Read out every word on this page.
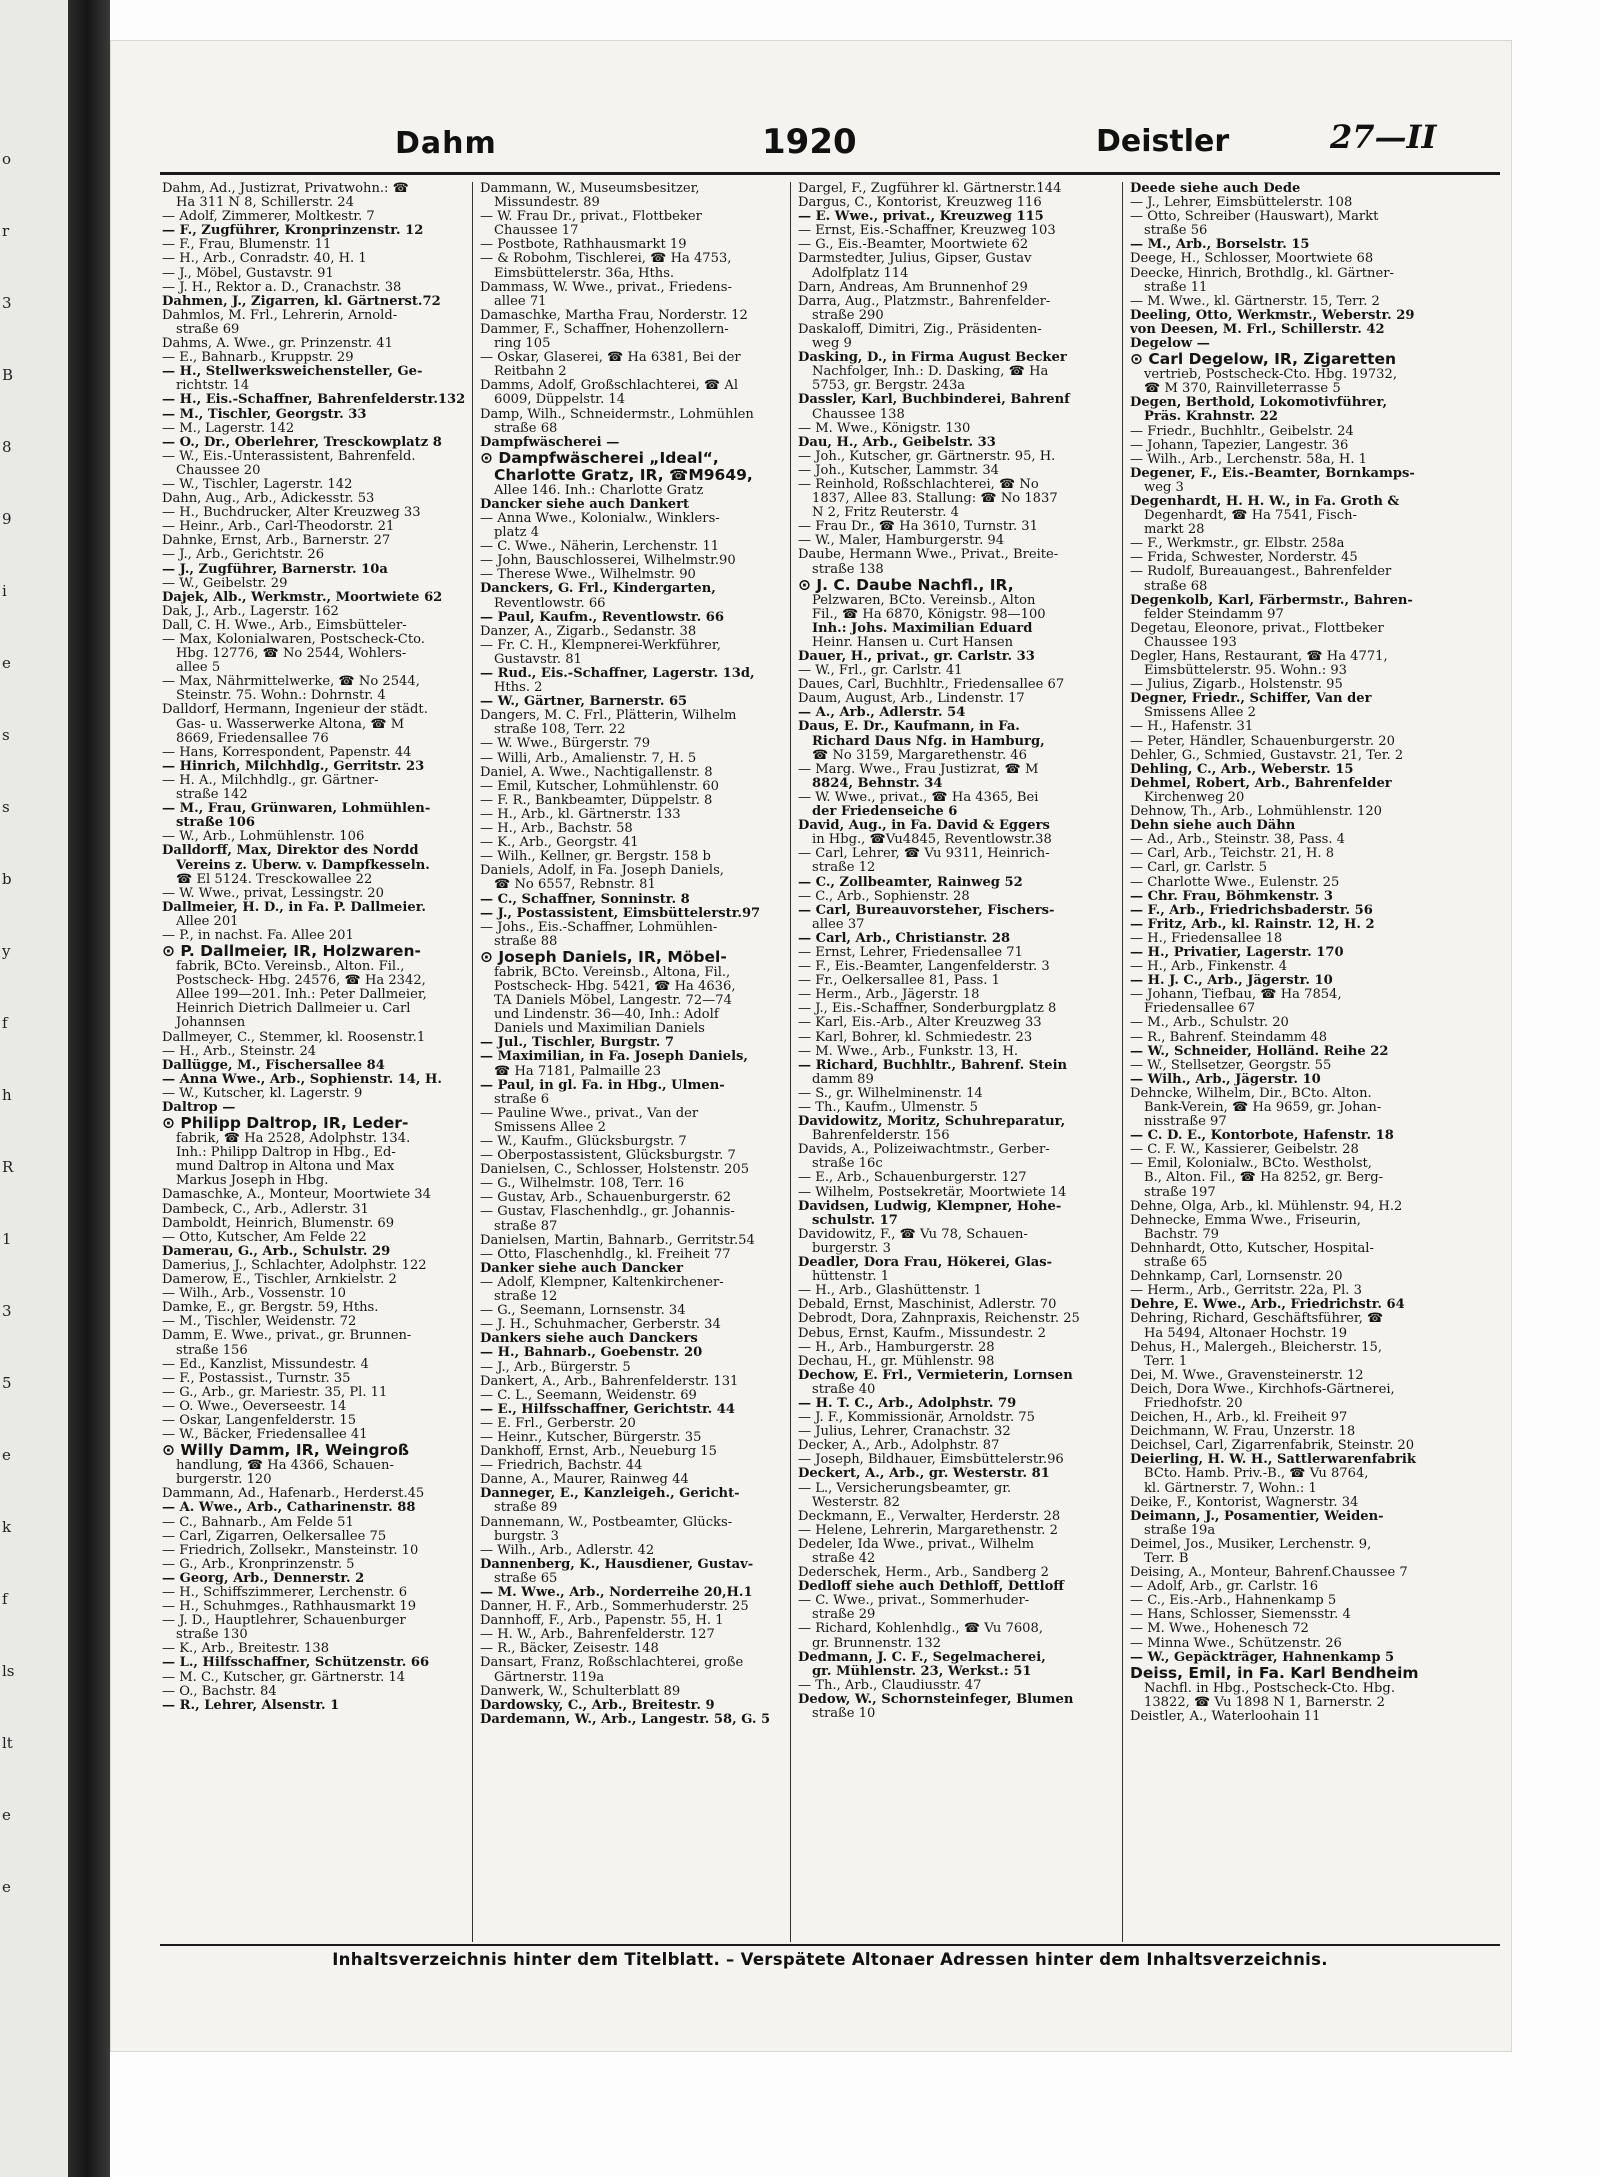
o
r
3
B
8
9
i
e
s
s
b
y
f
h
R
1
3
5
e
k
f
ls
lt
e
e
Dahm	1920	Deistler	27—II
Dahm, Ad., Justizrat, Privatwohn.: ☎
Ha 311 N 8, Schillerstr. 24
— Adolf, Zimmerer, Moltkestr. 7
— F., Zugführer, Kronprinzenstr. 12
— F., Frau, Blumenstr. 11
— H., Arb., Conradstr. 40, H. 1
— J., Möbel, Gustavstr. 91
— J. H., Rektor a. D., Cranachstr. 38
Dahmen, J., Zigarren, kl. Gärtnerst.72
Dahmlos, M. Frl., Lehrerin, Arnold-
straße 69
Dahms, A. Wwe., gr. Prinzenstr. 41
— E., Bahnarb., Kruppstr. 29
— H., Stellwerksweichensteller, Ge-
richtstr. 14
— H., Eis.-Schaffner, Bahrenfelderstr.132
— M., Tischler, Georgstr. 33
— M., Lagerstr. 142
— O., Dr., Oberlehrer, Tresckowplatz 8
— W., Eis.-Unterassistent, Bahrenfeld.
Chaussee 20
— W., Tischler, Lagerstr. 142
Dahn, Aug., Arb., Adickesstr. 53
— H., Buchdrucker, Alter Kreuzweg 33
— Heinr., Arb., Carl-Theodorstr. 21
Dahnke, Ernst, Arb., Barnerstr. 27
— J., Arb., Gerichtstr. 26
— J., Zugführer, Barnerstr. 10a
— W., Geibelstr. 29
Dajek, Alb., Werkmstr., Moortwiete 62
Dak, J., Arb., Lagerstr. 162
Dall, C. H. Wwe., Arb., Eimsbütteler-
— Max, Kolonialwaren, Postscheck-Cto.
Hbg. 12776, ☎ No 2544, Wohlers-
allee 5
— Max, Nährmittelwerke, ☎ No 2544,
Steinstr. 75. Wohn.: Dohrnstr. 4
Dalldorf, Hermann, Ingenieur der städt.
Gas- u. Wasserwerke Altona, ☎ M
8669, Friedensallee 76
— Hans, Korrespondent, Papenstr. 44
— Hinrich, Milchhdlg., Gerritstr. 23
— H. A., Milchhdlg., gr. Gärtner-
straße 142
— M., Frau, Grünwaren, Lohmühlen-
straße 106
— W., Arb., Lohmühlenstr. 106
Dalldorff, Max, Direktor des Nordd
Vereins z. Überw. v. Dampfkesseln.
☎ El 5124. Tresckowallee 22
— W. Wwe., privat, Lessingstr. 20
Dallmeier, H. D., in Fa. P. Dallmeier.
Allee 201
— P., in nachst. Fa. Allee 201
⊙ P. Dallmeier, IR, Holzwaren-
fabrik, BCto. Vereinsb., Alton. Fil.,
Postscheck- Hbg. 24576, ☎ Ha 2342,
Allee 199—201. Inh.: Peter Dallmeier,
Heinrich Dietrich Dallmeier u. Carl
Johannsen
Dallmeyer, C., Stemmer, kl. Roosenstr.1
— H., Arb., Steinstr. 24
Dallügge, M., Fischersallee 84
— Anna Wwe., Arb., Sophienstr. 14, H.
— W., Kutscher, kl. Lagerstr. 9
Daltrop —
⊙ Philipp Daltrop, IR, Leder-
fabrik, ☎ Ha 2528, Adolphstr. 134.
Inh.: Philipp Daltrop in Hbg., Ed-
mund Daltrop in Altona und Max
Markus Joseph in Hbg.
Damaschke, A., Monteur, Moortwiete 34
Dambeck, C., Arb., Adlerstr. 31
Damboldt, Heinrich, Blumenstr. 69
— Otto, Kutscher, Am Felde 22
Damerau, G., Arb., Schulstr. 29
Damerius, J., Schlachter, Adolphstr. 122
Damerow, E., Tischler, Arnkielstr. 2
— Wilh., Arb., Vossenstr. 10
Damke, E., gr. Bergstr. 59, Hths.
— M., Tischler, Weidenstr. 72
Damm, E. Wwe., privat., gr. Brunnen-
straße 156
— Ed., Kanzlist, Missundestr. 4
— F., Postassist., Turnstr. 35
— G., Arb., gr. Mariestr. 35, Pl. 11
— O. Wwe., Oeverseestr. 14
— Oskar, Langenfelderstr. 15
— W., Bäcker, Friedensallee 41
⊙ Willy Damm, IR, Weingroß
handlung, ☎ Ha 4366, Schauen-
burgerstr. 120
Dammann, Ad., Hafenarb., Herderst.45
— A. Wwe., Arb., Catharinenstr. 88
— C., Bahnarb., Am Felde 51
— Carl, Zigarren, Oelkersallee 75
— Friedrich, Zollsekr., Mansteinstr. 10
— G., Arb., Kronprinzenstr. 5
— Georg, Arb., Dennerstr. 2
— H., Schiffszimmerer, Lerchenstr. 6
— H., Schuhmges., Rathhausmarkt 19
— J. D., Hauptlehrer, Schauenburger
straße 130
— K., Arb., Breitestr. 138
— L., Hilfsschaffner, Schützenstr. 66
— M. C., Kutscher, gr. Gärtnerstr. 14
— O., Bachstr. 84
— R., Lehrer, Alsenstr. 1
Dammann, W., Museumsbesitzer,
Missundestr. 89
— W. Frau Dr., privat., Flottbeker
Chaussee 17
— Postbote, Rathhausmarkt 19
— & Robohm, Tischlerei, ☎ Ha 4753,
Eimsbüttelerstr. 36a, Hths.
Dammass, W. Wwe., privat., Friedens-
allee 71
Damaschke, Martha Frau, Norderstr. 12
Dammer, F., Schaffner, Hohenzollern-
ring 105
— Oskar, Glaserei, ☎ Ha 6381, Bei der
Reitbahn 2
Damms, Adolf, Großschlachterei, ☎ Al
6009, Düppelstr. 14
Damp, Wilh., Schneidermstr., Lohmühlen
straße 68
Dampfwäscherei —
⊙ Dampfwäscherei „Ideal“,
Charlotte Gratz, IR, ☎M9649,
Allee 146. Inh.: Charlotte Gratz
Dancker siehe auch Dankert
— Anna Wwe., Kolonialw., Winklers-
platz 4
— C. Wwe., Näherin, Lerchenstr. 11
— John, Bauschlosserei, Wilhelmstr.90
— Therese Wwe., Wilhelmstr. 90
Danckers, G. Frl., Kindergarten,
Reventlowstr. 66
— Paul, Kaufm., Reventlowstr. 66
Danzer, A., Zigarb., Sedanstr. 38
— Fr. C. H., Klempnerei-Werkführer,
Gustavstr. 81
— Rud., Eis.-Schaffner, Lagerstr. 13d,
Hths. 2
— W., Gärtner, Barnerstr. 65
Dangers, M. C. Frl., Plätterin, Wilhelm
straße 108, Terr. 22
— W. Wwe., Bürgerstr. 79
— Willi, Arb., Amalienstr. 7, H. 5
Daniel, A. Wwe., Nachtigallenstr. 8
— Emil, Kutscher, Lohmühlenstr. 60
— F. R., Bankbeamter, Düppelstr. 8
— H., Arb., kl. Gärtnerstr. 133
— H., Arb., Bachstr. 58
— K., Arb., Georgstr. 41
— Wilh., Kellner, gr. Bergstr. 158 b
Daniels, Adolf, in Fa. Joseph Daniels,
☎ No 6557, Rebnstr. 81
— C., Schaffner, Sonninstr. 8
— J., Postassistent, Eimsbüttelerstr.97
— Johs., Eis.-Schaffner, Lohmühlen-
straße 88
⊙ Joseph Daniels, IR, Möbel-
fabrik, BCto. Vereinsb., Altona, Fil.,
Postscheck- Hbg. 5421, ☎ Ha 4636,
TA Daniels Möbel, Langestr. 72—74
und Lindenstr. 36—40, Inh.: Adolf
Daniels und Maximilian Daniels
— Jul., Tischler, Burgstr. 7
— Maximilian, in Fa. Joseph Daniels,
☎ Ha 7181, Palmaille 23
— Paul, in gl. Fa. in Hbg., Ulmen-
straße 6
— Pauline Wwe., privat., Van der
Smissens Allee 2
— W., Kaufm., Glücksburgstr. 7
— Oberpostassistent, Glücksburgstr. 7
Danielsen, C., Schlosser, Holstenstr. 205
— G., Wilhelmstr. 108, Terr. 16
— Gustav, Arb., Schauenburgerstr. 62
— Gustav, Flaschenhdlg., gr. Johannis-
straße 87
Danielsen, Martin, Bahnarb., Gerritstr.54
— Otto, Flaschenhdlg., kl. Freiheit 77
Danker siehe auch Dancker
— Adolf, Klempner, Kaltenkirchener-
straße 12
— G., Seemann, Lornsenstr. 34
— J. H., Schuhmacher, Gerberstr. 34
Dankers siehe auch Danckers
— H., Bahnarb., Goebenstr. 20
— J., Arb., Bürgerstr. 5
Dankert, A., Arb., Bahrenfelderstr. 131
— C. L., Seemann, Weidenstr. 69
— E., Hilfsschaffner, Gerichtstr. 44
— E. Frl., Gerberstr. 20
— Heinr., Kutscher, Bürgerstr. 35
Dankhoff, Ernst, Arb., Neueburg 15
— Friedrich, Bachstr. 44
Danne, A., Maurer, Rainweg 44
Danneger, E., Kanzleigeh., Gericht-
straße 89
Dannemann, W., Postbeamter, Glücks-
burgstr. 3
— Wilh., Arb., Adlerstr. 42
Dannenberg, K., Hausdiener, Gustav-
straße 65
— M. Wwe., Arb., Norderreihe 20,H.1
Danner, H. F., Arb., Sommerhuderstr. 25
Dannhoff, F., Arb., Papenstr. 55, H. 1
— H. W., Arb., Bahrenfelderstr. 127
— R., Bäcker, Zeisestr. 148
Dansart, Franz, Roßschlachterei, große
Gärtnerstr. 119a
Danwerk, W., Schulterblatt 89
Dardowsky, C., Arb., Breitestr. 9
Dardemann, W., Arb., Langestr. 58, G. 5
Dargel, F., Zugführer kl. Gärtnerstr.144
Dargus, C., Kontorist, Kreuzweg 116
— E. Wwe., privat., Kreuzweg 115
— Ernst, Eis.-Schaffner, Kreuzweg 103
— G., Eis.-Beamter, Moortwiete 62
Darmstedter, Julius, Gipser, Gustav
Adolfplatz 114
Darn, Andreas, Am Brunnenhof 29
Darra, Aug., Platzmstr., Bahrenfelder-
straße 290
Daskaloff, Dimitri, Zig., Präsidenten-
weg 9
Dasking, D., in Firma August Becker
Nachfolger, Inh.: D. Dasking, ☎ Ha
5753, gr. Bergstr. 243a
Dassler, Karl, Buchbinderei, Bahrenf
Chaussee 138
— M. Wwe., Königstr. 130
Dau, H., Arb., Geibelstr. 33
— Joh., Kutscher, gr. Gärtnerstr. 95, H.
— Joh., Kutscher, Lammstr. 34
— Reinhold, Roßschlachterei, ☎ No
1837, Allee 83. Stallung: ☎ No 1837
N 2, Fritz Reuterstr. 4
— Frau Dr., ☎ Ha 3610, Turnstr. 31
— W., Maler, Hamburgerstr. 94
Daube, Hermann Wwe., Privat., Breite-
straße 138
⊙ J. C. Daube Nachfl., IR,
Pelzwaren, BCto. Vereinsb., Alton
Fil., ☎ Ha 6870, Königstr. 98—100
Inh.: Johs. Maximilian Eduard
Heinr. Hansen u. Curt Hansen
Dauer, H., privat., gr. Carlstr. 33
— W., Frl., gr. Carlstr. 41
Daues, Carl, Buchhltr., Friedensallee 67
Daum, August, Arb., Lindenstr. 17
— A., Arb., Adlerstr. 54
Daus, E. Dr., Kaufmann, in Fa.
Richard Daus Nfg. in Hamburg,
☎ No 3159, Margarethenstr. 46
— Marg. Wwe., Frau Justizrat, ☎ M
8824, Behnstr. 34
— W. Wwe., privat., ☎ Ha 4365, Bei
der Friedenseiche 6
David, Aug., in Fa. David & Eggers
in Hbg., ☎Vu4845, Reventlowstr.38
— Carl, Lehrer, ☎ Vu 9311, Heinrich-
straße 12
— C., Zollbeamter, Rainweg 52
— C., Arb., Sophienstr. 28
— Carl, Bureauvorsteher, Fischers-
allee 37
— Carl, Arb., Christianstr. 28
— Ernst, Lehrer, Friedensallee 71
— F., Eis.-Beamter, Langenfelderstr. 3
— Fr., Oelkersallee 81, Pass. 1
— Herm., Arb., Jägerstr. 18
— J., Eis.-Schaffner, Sonderburgplatz 8
— Karl, Eis.-Arb., Alter Kreuzweg 33
— Karl, Bohrer, kl. Schmiedestr. 23
— M. Wwe., Arb., Funkstr. 13, H.
— Richard, Buchhltr., Bahrenf. Stein
damm 89
— S., gr. Wilhelminenstr. 14
— Th., Kaufm., Ulmenstr. 5
Davidowitz, Moritz, Schuhreparatur,
Bahrenfelderstr. 156
Davids, A., Polizeiwachtmstr., Gerber-
straße 16c
— E., Arb., Schauenburgerstr. 127
— Wilhelm, Postsekretär, Moortwiete 14
Davidsen, Ludwig, Klempner, Hohe-
schulstr. 17
Davidowitz, F., ☎ Vu 78, Schauen-
burgerstr. 3
Deadler, Dora Frau, Hökerei, Glas-
hüttenstr. 1
— H., Arb., Glashüttenstr. 1
Debald, Ernst, Maschinist, Adlerstr. 70
Debrodt, Dora, Zahnpraxis, Reichenstr. 25
Debus, Ernst, Kaufm., Missundestr. 2
— H., Arb., Hamburgerstr. 28
Dechau, H., gr. Mühlenstr. 98
Dechow, E. Frl., Vermieterin, Lornsen
straße 40
— H. T. C., Arb., Adolphstr. 79
— J. F., Kommissionär, Arnoldstr. 75
— Julius, Lehrer, Cranachstr. 32
Decker, A., Arb., Adolphstr. 87
— Joseph, Bildhauer, Eimsbüttelerstr.96
Deckert, A., Arb., gr. Westerstr. 81
— L., Versicherungsbeamter, gr.
Westerstr. 82
Deckmann, E., Verwalter, Herderstr. 28
— Helene, Lehrerin, Margarethenstr. 2
Dedeler, Ida Wwe., privat., Wilhelm
straße 42
Dederschek, Herm., Arb., Sandberg 2
Dedloff siehe auch Dethloff, Dettloff
— C. Wwe., privat., Sommerhuder-
straße 29
— Richard, Kohlenhdlg., ☎ Vu 7608,
gr. Brunnenstr. 132
Dedmann, J. C. F., Segelmacherei,
gr. Mühlenstr. 23, Werkst.: 51
— Th., Arb., Claudiusstr. 47
Dedow, W., Schornsteinfeger, Blumen
straße 10
Deede siehe auch Dede
— J., Lehrer, Eimsbüttelerstr. 108
— Otto, Schreiber (Hauswart), Markt
straße 56
— M., Arb., Borselstr. 15
Deege, H., Schlosser, Moortwiete 68
Deecke, Hinrich, Brothdlg., kl. Gärtner-
straße 11
— M. Wwe., kl. Gärtnerstr. 15, Terr. 2
Deeling, Otto, Werkmstr., Weberstr. 29
von Deesen, M. Frl., Schillerstr. 42
Degelow —
⊙ Carl Degelow, IR, Zigaretten
vertrieb, Postscheck-Cto. Hbg. 19732,
☎ M 370, Rainvilleterrasse 5
Degen, Berthold, Lokomotivführer,
Präs. Krahnstr. 22
— Friedr., Buchhltr., Geibelstr. 24
— Johann, Tapezier, Langestr. 36
— Wilh., Arb., Lerchenstr. 58a, H. 1
Degener, F., Eis.-Beamter, Bornkamps-
weg 3
Degenhardt, H. H. W., in Fa. Groth &
Degenhardt, ☎ Ha 7541, Fisch-
markt 28
— F., Werkmstr., gr. Elbstr. 258a
— Frida, Schwester, Norderstr. 45
— Rudolf, Bureauangest., Bahrenfelder
straße 68
Degenkolb, Karl, Färbermstr., Bahren-
felder Steindamm 97
Degetau, Eleonore, privat., Flottbeker
Chaussee 193
Degler, Hans, Restaurant, ☎ Ha 4771,
Eimsbüttelerstr. 95. Wohn.: 93
— Julius, Zigarb., Holstenstr. 95
Degner, Friedr., Schiffer, Van der
Smissens Allee 2
— H., Hafenstr. 31
— Peter, Händler, Schauenburgerstr. 20
Dehler, G., Schmied, Gustavstr. 21, Ter. 2
Dehling, C., Arb., Weberstr. 15
Dehmel, Robert, Arb., Bahrenfelder
Kirchenweg 20
Dehnow, Th., Arb., Lohmühlenstr. 120
Dehn siehe auch Dähn
— Ad., Arb., Steinstr. 38, Pass. 4
— Carl, Arb., Teichstr. 21, H. 8
— Carl, gr. Carlstr. 5
— Charlotte Wwe., Eulenstr. 25
— Chr. Frau, Böhmkenstr. 3
— F., Arb., Friedrichsbaderstr. 56
— Fritz, Arb., kl. Rainstr. 12, H. 2
— H., Friedensallee 18
— H., Privatier, Lagerstr. 170
— H., Arb., Finkenstr. 4
— H. J. C., Arb., Jägerstr. 10
— Johann, Tiefbau, ☎ Ha 7854,
Friedensallee 67
— M., Arb., Schulstr. 20
— R., Bahrenf. Steindamm 48
— W., Schneider, Holländ. Reihe 22
— W., Stellsetzer, Georgstr. 55
— Wilh., Arb., Jägerstr. 10
Dehncke, Wilhelm, Dir., BCto. Alton.
Bank-Verein, ☎ Ha 9659, gr. Johan-
nisstraße 97
— C. D. E., Kontorbote, Hafenstr. 18
— C. F. W., Kassierer, Geibelstr. 28
— Emil, Kolonialw., BCto. Westholst,
B., Alton. Fil., ☎ Ha 8252, gr. Berg-
straße 197
Dehne, Olga, Arb., kl. Mühlenstr. 94, H.2
Dehnecke, Emma Wwe., Friseurin,
Bachstr. 79
Dehnhardt, Otto, Kutscher, Hospital-
straße 65
Dehnkamp, Carl, Lornsenstr. 20
— Herm., Arb., Gerritstr. 22a, Pl. 3
Dehre, E. Wwe., Arb., Friedrichstr. 64
Dehring, Richard, Geschäftsführer, ☎
Ha 5494, Altonaer Hochstr. 19
Dehus, H., Malergeh., Bleicherstr. 15,
Terr. 1
Dei, M. Wwe., Gravensteinerstr. 12
Deich, Dora Wwe., Kirchhofs-Gärtnerei,
Friedhofstr. 20
Deichen, H., Arb., kl. Freiheit 97
Deichmann, W. Frau, Unzerstr. 18
Deichsel, Carl, Zigarrenfabrik, Steinstr. 20
Deierling, H. W. H., Sattlerwarenfabrik
BCto. Hamb. Priv.-B., ☎ Vu 8764,
kl. Gärtnerstr. 7, Wohn.: 1
Deike, F., Kontorist, Wagnerstr. 34
Deimann, J., Posamentier, Weiden-
straße 19a
Deimel, Jos., Musiker, Lerchenstr. 9,
Terr. B
Deising, A., Monteur, Bahrenf.Chaussee 7
— Adolf, Arb., gr. Carlstr. 16
— C., Eis.-Arb., Hahnenkamp 5
— Hans, Schlosser, Siemensstr. 4
— M. Wwe., Hohenesch 72
— Minna Wwe., Schützenstr. 26
— W., Gepäckträger, Hahnenkamp 5
Deiss, Emil, in Fa. Karl Bendheim
Nachfl. in Hbg., Postscheck-Cto. Hbg.
13822, ☎ Vu 1898 N 1, Barnerstr. 2
Deistler, A., Waterloohain 11
Inhaltsverzeichnis hinter dem Titelblatt. – Verspätete Altonaer Adressen hinter dem Inhaltsverzeichnis.
